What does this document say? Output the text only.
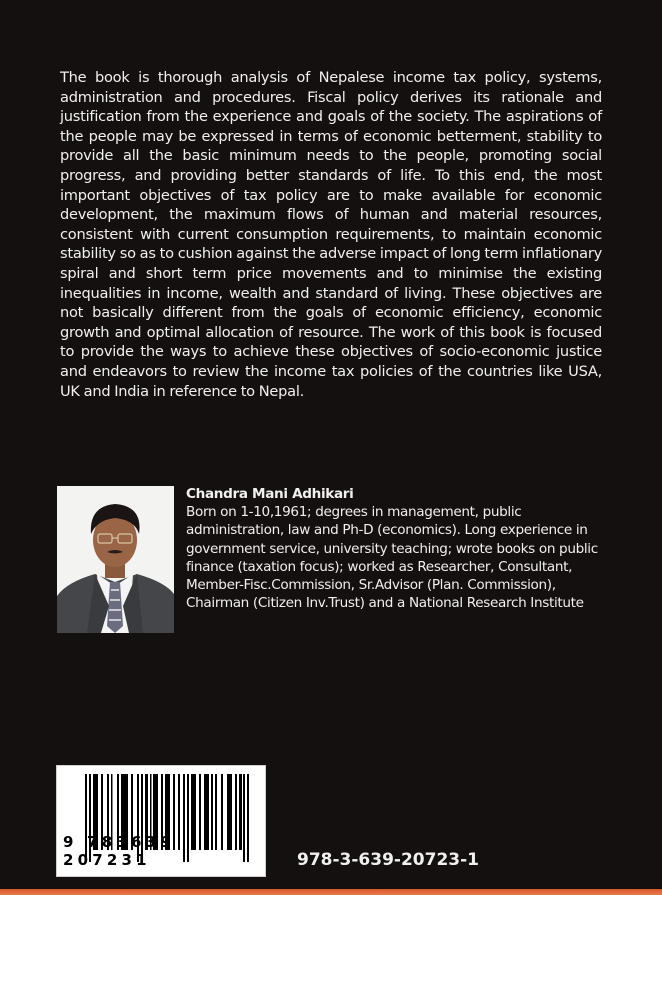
The book is thorough analysis of Nepalese income tax policy, systems, administration and procedures. Fiscal policy derives its rationale and justification from the experience and goals of the society. The aspirations of the people may be expressed in terms of economic betterment, stability to provide all the basic minimum needs to the people, promoting social progress, and providing better standards of life. To this end, the most important objectives of tax policy are to make available for economic development, the maximum flows of human and material resources, consistent with current consumption requirements, to maintain economic stability so as to cushion against the adverse impact of long term inflationary spiral and short term price movements and to minimise the existing inequalities in income, wealth and standard of living. These objectives are not basically different from the goals of economic efficiency, economic growth and optimal allocation of resource. The work of this book is focused to provide the ways to achieve these objectives of socio-economic justice and endeavors to review the income tax policies of the countries like USA, UK and India in reference to Nepal.

Chandra Mani Adhikari
Born on 1-10,1961; degrees in management, public administration, law and Ph-D (economics). Long experience in government service, university teaching; wrote books on public finance (taxation focus); worked as Researcher, Consultant, Member-Fisc.Commission, Sr.Advisor (Plan. Commission), Chairman (Citizen Inv.Trust) and a National Research Institute
9 783639 207231	978-3-639-20723-1
